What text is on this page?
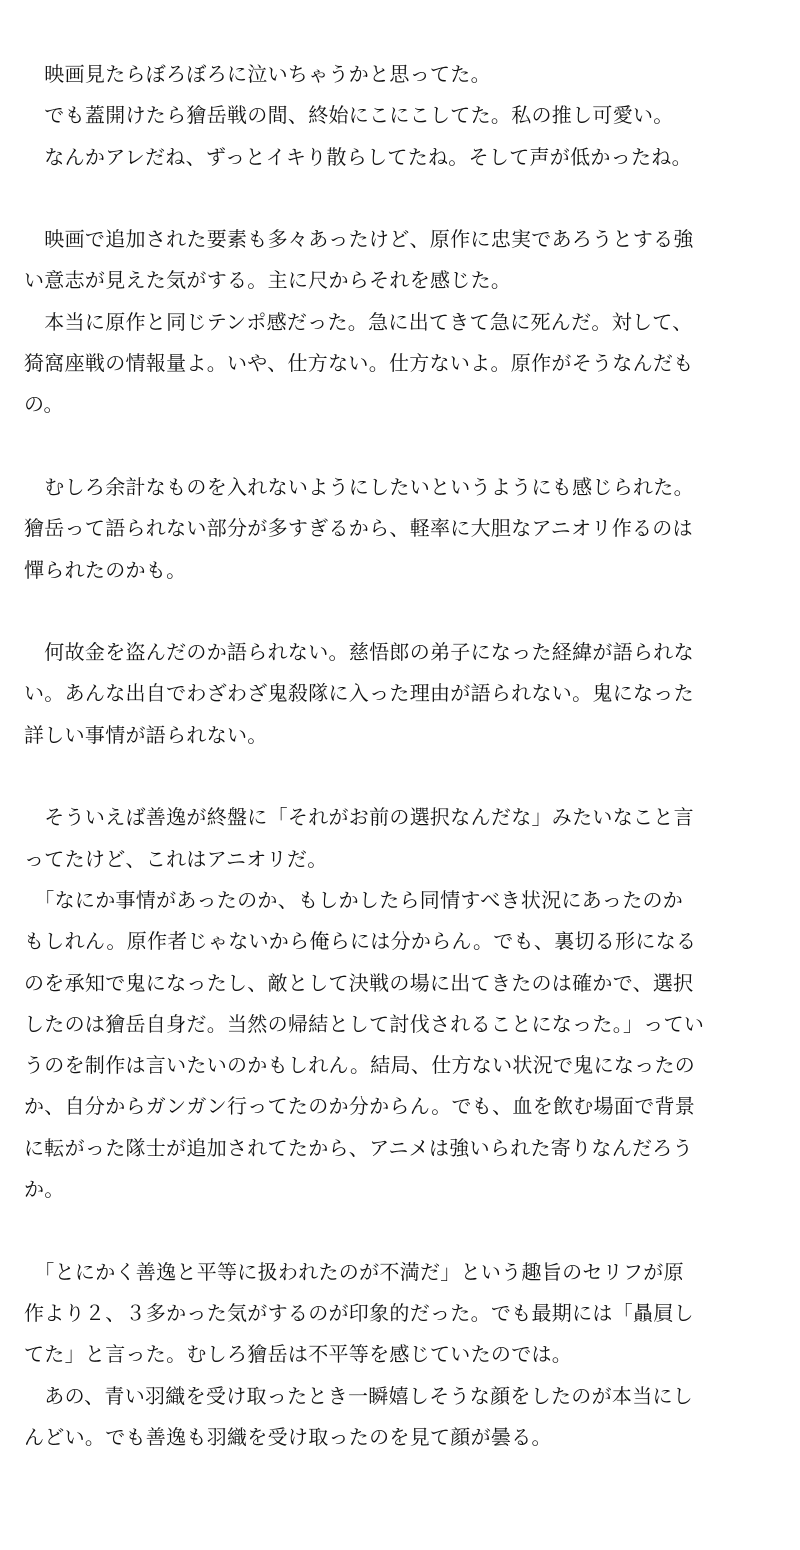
　映画見たらぼろぼろに泣いちゃうかと思ってた。
　でも蓋開けたら獪岳戦の間、終始にこにこしてた。私の推し可愛い。
　なんかアレだね、ずっとイキり散らしてたね。そして声が低かったね。
　映画で追加された要素も多々あったけど、原作に忠実であろうとする強
い意志が見えた気がする。主に尺からそれを感じた。
　本当に原作と同じテンポ感だった。急に出てきて急に死んだ。対して、
猗窩座戦の情報量よ。いや、仕方ない。仕方ないよ。原作がそうなんだも
の。
　むしろ余計なものを入れないようにしたいというようにも感じられた。
獪岳って語られない部分が多すぎるから、軽率に大胆なアニオリ作るのは
憚られたのかも。
　何故金を盗んだのか語られない。慈悟郎の弟子になった経緯が語られな
い。あんな出自でわざわざ鬼殺隊に入った理由が語られない。鬼になった
詳しい事情が語られない。
　そういえば善逸が終盤に「それがお前の選択なんだな」みたいなこと言
ってたけど、これはアニオリだ。
　「なにか事情があったのか、もしかしたら同情すべき状況にあったのか
もしれん。原作者じゃないから俺らには分からん。でも、裏切る形になる
のを承知で鬼になったし、敵として決戦の場に出てきたのは確かで、選択
したのは獪岳自身だ。当然の帰結として討伐されることになった。」ってい
うのを制作は言いたいのかもしれん。結局、仕方ない状況で鬼になったの
か、自分からガンガン行ってたのか分からん。でも、血を飲む場面で背景
に転がった隊士が追加されてたから、アニメは強いられた寄りなんだろう
か。
　「とにかく善逸と平等に扱われたのが不満だ」という趣旨のセリフが原
作より２、３多かった気がするのが印象的だった。でも最期には「贔屓し
てた」と言った。むしろ獪岳は不平等を感じていたのでは。
　あの、青い羽織を受け取ったとき一瞬嬉しそうな顔をしたのが本当にし
んどい。でも善逸も羽織を受け取ったのを見て顔が曇る。
